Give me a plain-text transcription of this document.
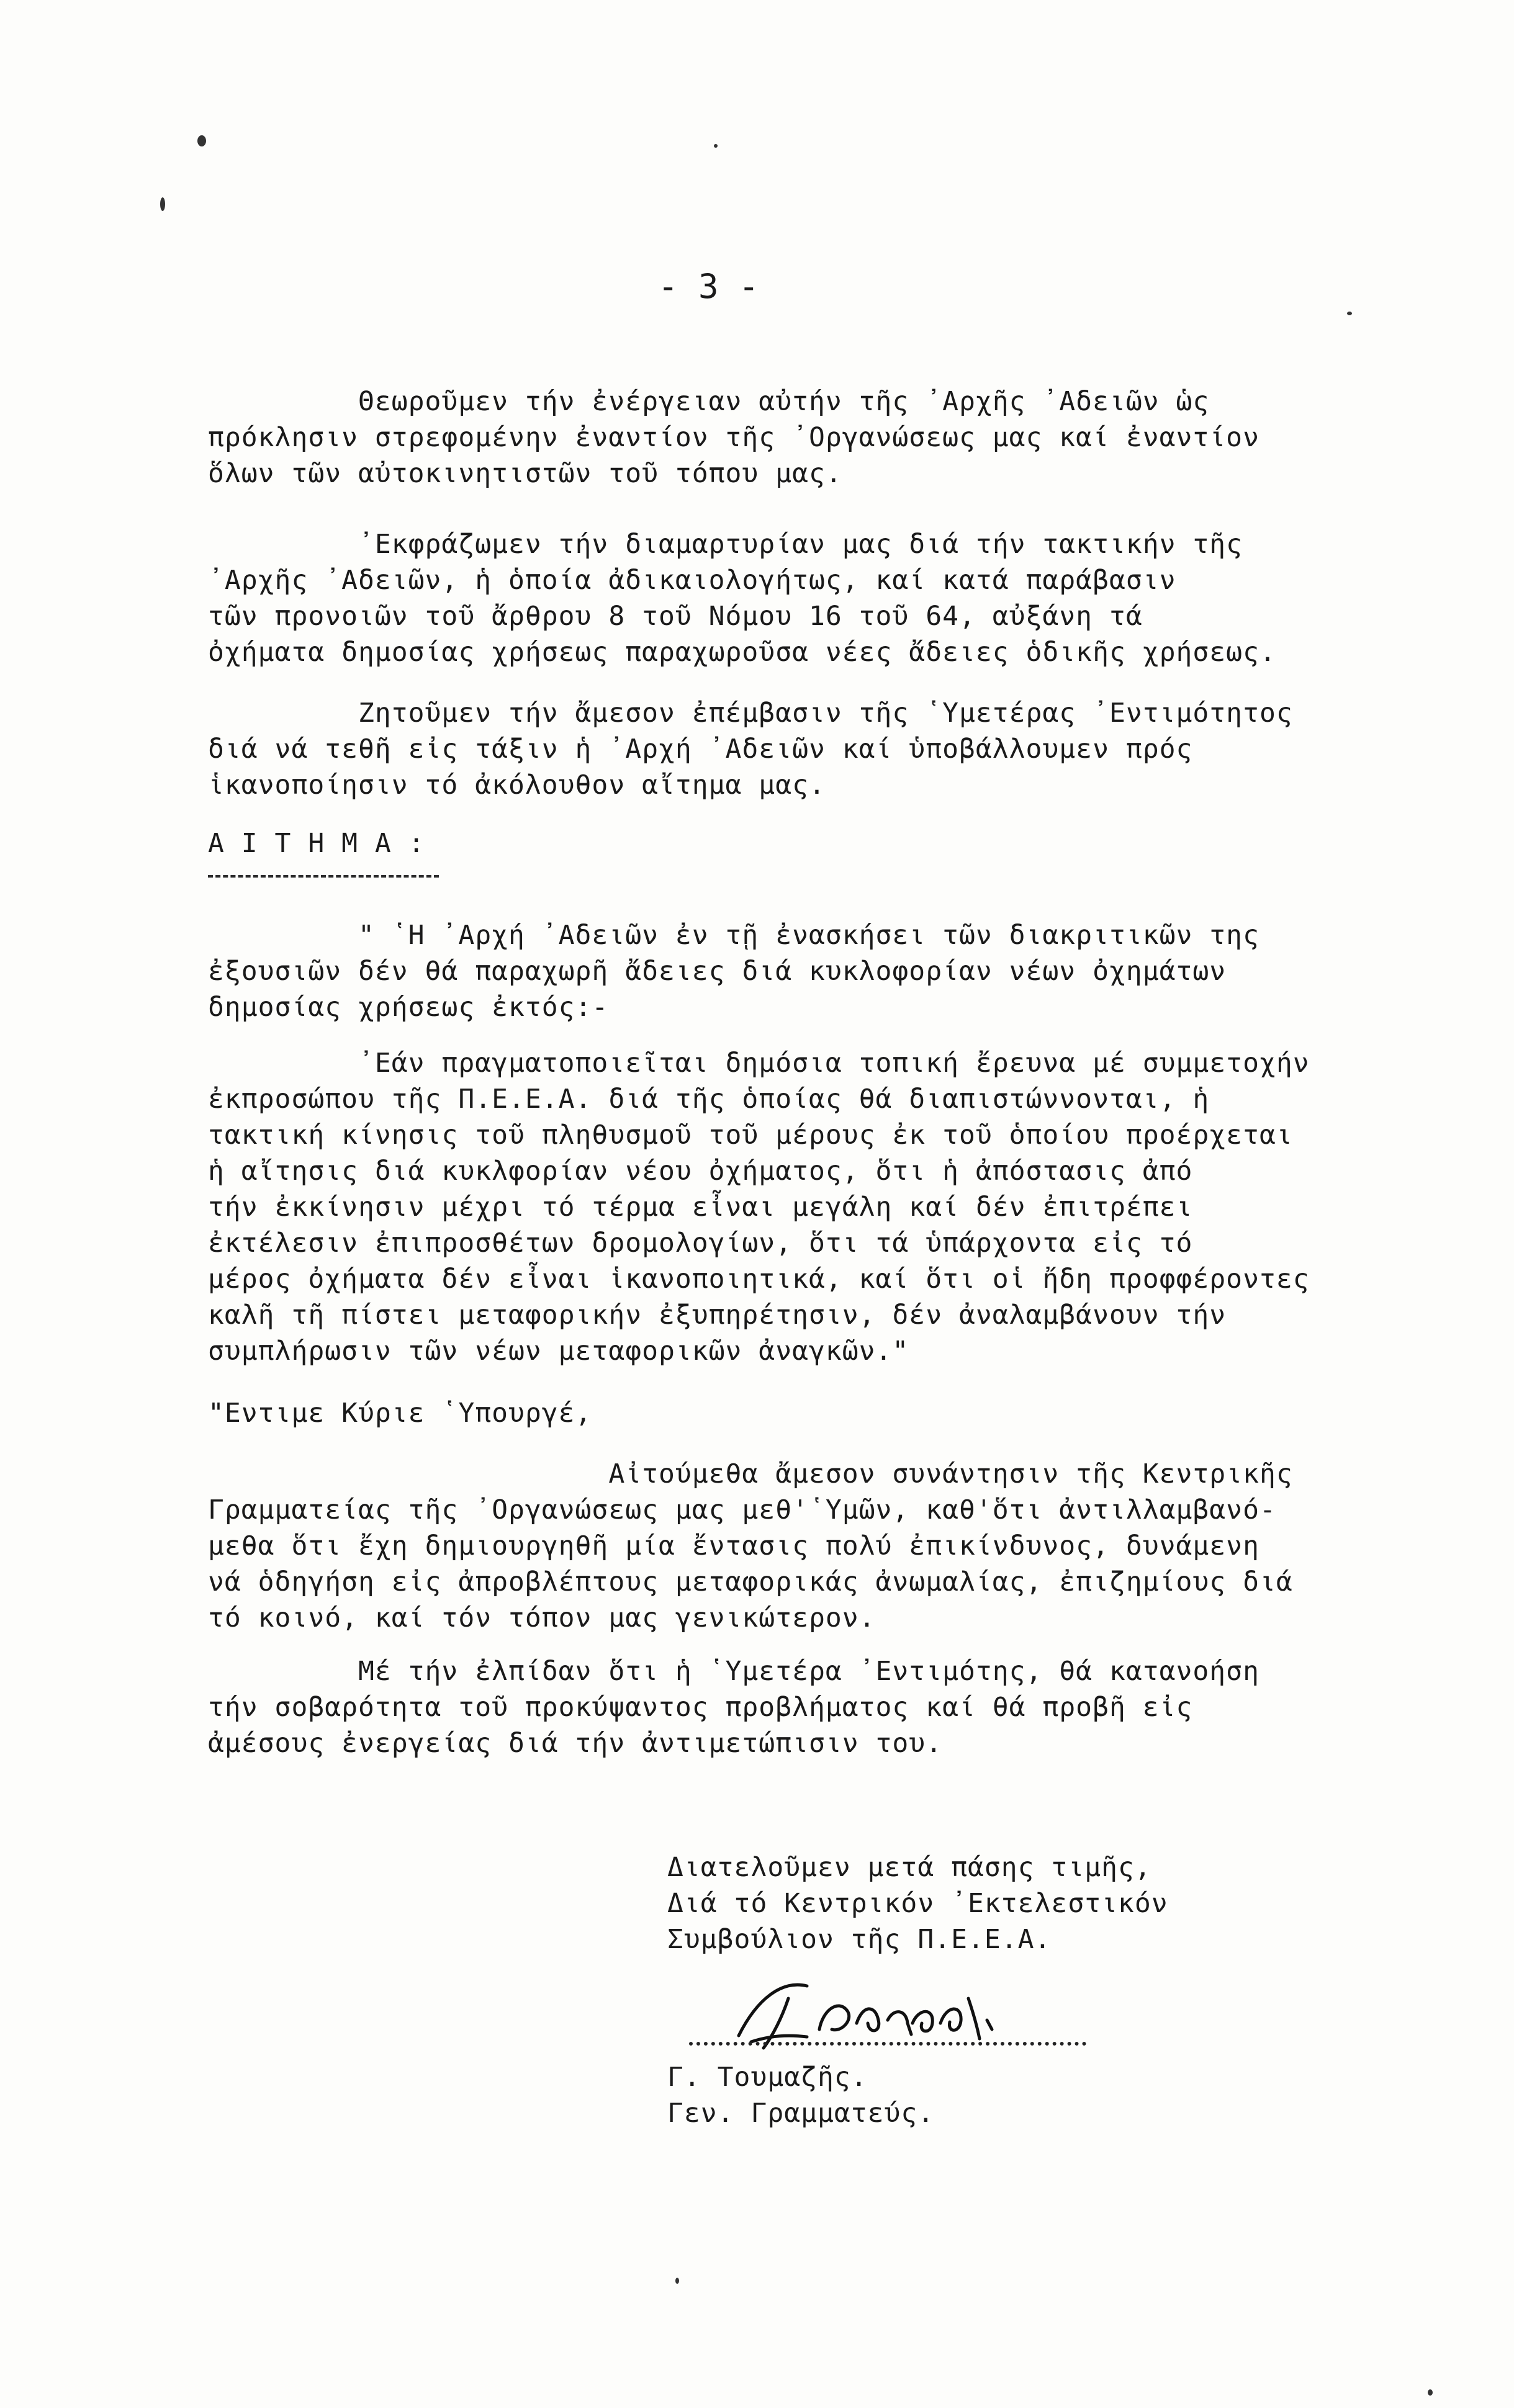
- 3 -
Θεωροῦμεν τήν ἐνέργειαν αὐτήν τῆς ᾿Αρχῆς ᾿Αδειῶν ὡς
πρόκλησιν στρεφομένην ἐναντίον τῆς ᾿Οργανώσεως μας καί ἐναντίον
ὅλων τῶν αὐτοκινητιστῶν τοῦ τόπου μας.
᾿Εκφράζωμεν τήν διαμαρτυρίαν μας διά τήν τακτικήν τῆς
᾿Αρχῆς ᾿Αδειῶν, ἡ ὁποία ἀδικαιολογήτως, καί κατά παράβασιν
τῶν προνοιῶν τοῦ ἄρθρου 8 τοῦ Νόμου 16 τοῦ 64, αὐξάνη τά
ὀχήματα δημοσίας χρήσεως παραχωροῦσα νέες ἄδειες ὁδικῆς χρήσεως.
Ζητοῦμεν τήν ἄμεσον ἐπέμβασιν τῆς ῾Υμετέρας ᾿Εντιμότητος
διά νά τεθῆ εἰς τάξιν ἡ ᾿Αρχή ᾿Αδειῶν καί ὑποβάλλουμεν πρός
ἱκανοποίησιν τό ἀκόλουθον αἴτημα μας.
Α Ι Τ Η Μ Α :
" ῾Η ᾿Αρχή ᾿Αδειῶν ἐν τῇ ἐνασκήσει τῶν διακριτικῶν της
ἐξουσιῶν δέν θά παραχωρῆ ἄδειες διά κυκλοφορίαν νέων ὀχημάτων
δημοσίας χρήσεως ἐκτός:-
᾿Εάν πραγματοποιεῖται δημόσια τοπική ἔρευνα μέ συμμετοχήν
ἐκπροσώπου τῆς Π.Ε.Ε.Α. διά τῆς ὁποίας θά διαπιστώννονται, ἡ
τακτική κίνησις τοῦ πληθυσμοῦ τοῦ μέρους ἐκ τοῦ ὁποίου προέρχεται
ἡ αἴτησις διά κυκλφορίαν νέου ὀχήματος, ὅτι ἡ ἀπόστασις ἀπό
τήν ἐκκίνησιν μέχρι τό τέρμα εἶναι μεγάλη καί δέν ἐπιτρέπει
ἐκτέλεσιν ἐπιπροσθέτων δρομολογίων, ὅτι τά ὑπάρχοντα εἰς τό
μέρος ὀχήματα δέν εἶναι ἱκανοποιητικά, καί ὅτι οἱ ἤδη προφφέροντες
καλῆ τῆ πίστει μεταφορικήν ἐξυπηρέτησιν, δέν ἀναλαμβάνουν τήν
συμπλήρωσιν τῶν νέων μεταφορικῶν ἀναγκῶν."
"Εντιμε Κύριε ῾Υπουργέ,
Αἰτούμεθα ἄμεσον συνάντησιν τῆς Κεντρικῆς
Γραμματείας τῆς ᾿Οργανώσεως μας μεθ'῾Υμῶν, καθ'ὅτι ἀντιλλαμβανό-
μεθα ὅτι ἔχη δημιουργηθῆ μία ἔντασις πολύ ἐπικίνδυνος, δυνάμενη
νά ὁδηγήση εἰς ἀπροβλέπτους μεταφορικάς ἀνωμαλίας, ἐπιζημίους διά
τό κοινό, καί τόν τόπον μας γενικώτερον.
Μέ τήν ἐλπίδαν ὅτι ἡ ῾Υμετέρα ᾿Εντιμότης, θά κατανοήση
τήν σοβαρότητα τοῦ προκύψαντος προβλήματος καί θά προβῆ εἰς
ἀμέσους ἐνεργείας διά τήν ἀντιμετώπισιν του.
Διατελοῦμεν μετά πάσης τιμῆς,
Διά τό Κεντρικόν ᾿Εκτελεστικόν
Συμβούλιον τῆς Π.Ε.Ε.Α.
Γ. Τουμαζῆς.
Γεν. Γραμματεύς.
